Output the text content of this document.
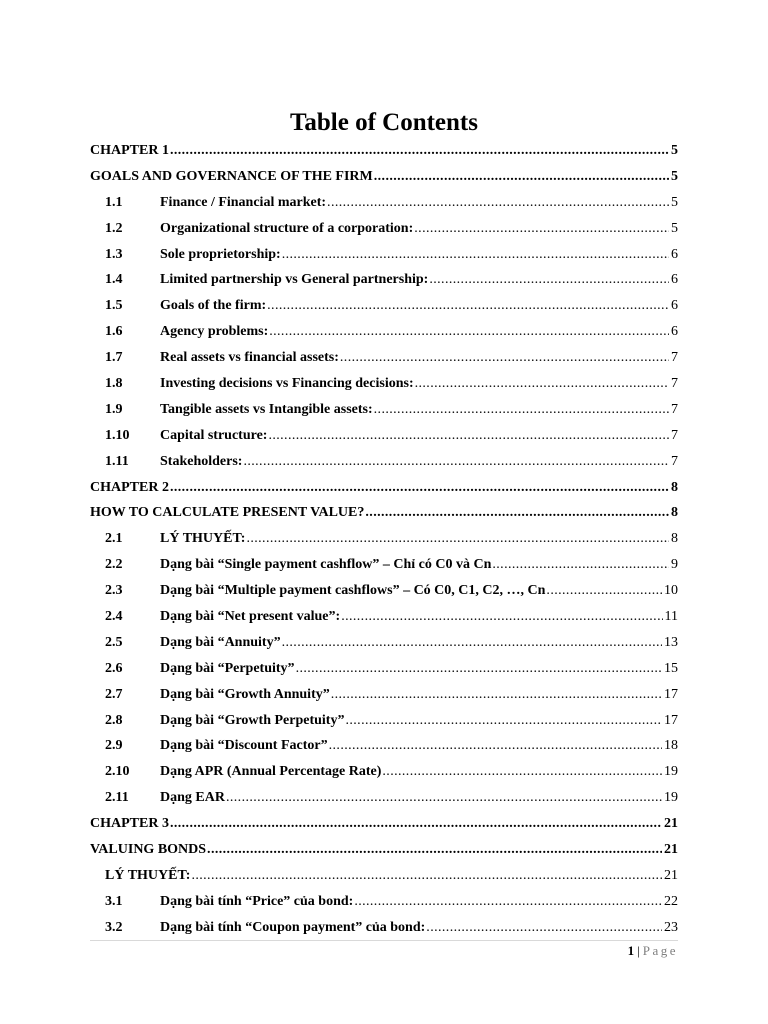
Table of Contents
CHAPTER 1 .....	5
GOALS AND GOVERNANCE OF THE FIRM .....	5
1.1	Finance / Financial market: .....	5
1.2	Organizational structure of a corporation: .....	5
1.3	Sole proprietorship: .....	6
1.4	Limited partnership vs General partnership: .....	6
1.5	Goals of the firm: .....	6
1.6	Agency problems: .....	6
1.7	Real assets vs financial assets: .....	7
1.8	Investing decisions vs Financing decisions: .....	7
1.9	Tangible assets vs Intangible assets: .....	7
1.10	Capital structure: .....	7
1.11	Stakeholders: .....	7
CHAPTER 2 .....	8
HOW TO CALCULATE PRESENT VALUE? .....	8
2.1	LÝ THUYẾT: .....	8
2.2	Dạng bài “Single payment cashflow” – Chỉ có C0 và Cn .....	9
2.3	Dạng bài “Multiple payment cashflows” – Có C0, C1, C2, …, Cn .....	10
2.4	Dạng bài “Net present value”: .....	11
2.5	Dạng bài “Annuity” .....	13
2.6	Dạng bài “Perpetuity” .....	15
2.7	Dạng bài “Growth Annuity” .....	17
2.8	Dạng bài “Growth Perpetuity” .....	17
2.9	Dạng bài “Discount Factor” .....	18
2.10	Dạng APR (Annual Percentage Rate) .....	19
2.11	Dạng EAR .....	19
CHAPTER 3 .....	21
VALUING BONDS .....	21
LÝ THUYẾT: .....	21
3.1	Dạng bài tính “Price” của bond: .....	22
3.2	Dạng bài tính “Coupon payment” của bond: .....	23
1 | Page
